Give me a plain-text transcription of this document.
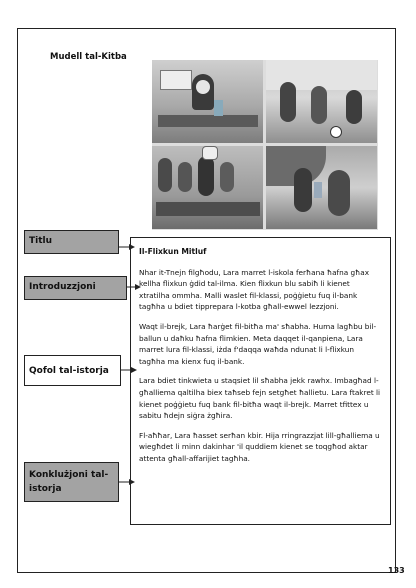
Mudell tal-Kitba
Titlu
Introduzzjoni
Qofol tal-istorja
Konklużjoni tal-istorja
Il-Flixkun Mitluf

Nhar it-Tnejn filgħodu, Lara marret l-iskola ferħana ħafna għax kellha flixkun ġdid tal-ilma. Kien flixkun blu sabiħ li kienet xtratilha ommha. Malli waslet fil-klassi, poġġietu fuq il-bank tagħha u bdiet tipprepara l-kotba għall-ewwel lezzjoni.

Waqt il-brejk, Lara ħarġet fil-bitħa ma' sħabha. Huma lagħbu bil-ballun u daħku ħafna flimkien. Meta daqqet il-qanpiena, Lara marret lura fil-klassi, iżda f'daqqa waħda ndunat li l-flixkun tagħha ma kienx fuq il-bank.

Lara bdiet tinkwieta u staqsiet lil sħabha jekk rawhx. Imbagħad l-għalliema qaltilha biex taħseb fejn setgħet ħallietu. Lara ftakret li kienet poġġietu fuq bank fil-bitħa waqt il-brejk. Marret tfittex u sabitu ħdejn siġra żgħira.

Fl-aħħar, Lara ħasset serħan kbir. Hija rringrazzjat lill-għalliema u wiegħdet li minn dakinhar 'il quddiem kienet se toqgħod aktar attenta għall-affarijiet tagħha.

133
